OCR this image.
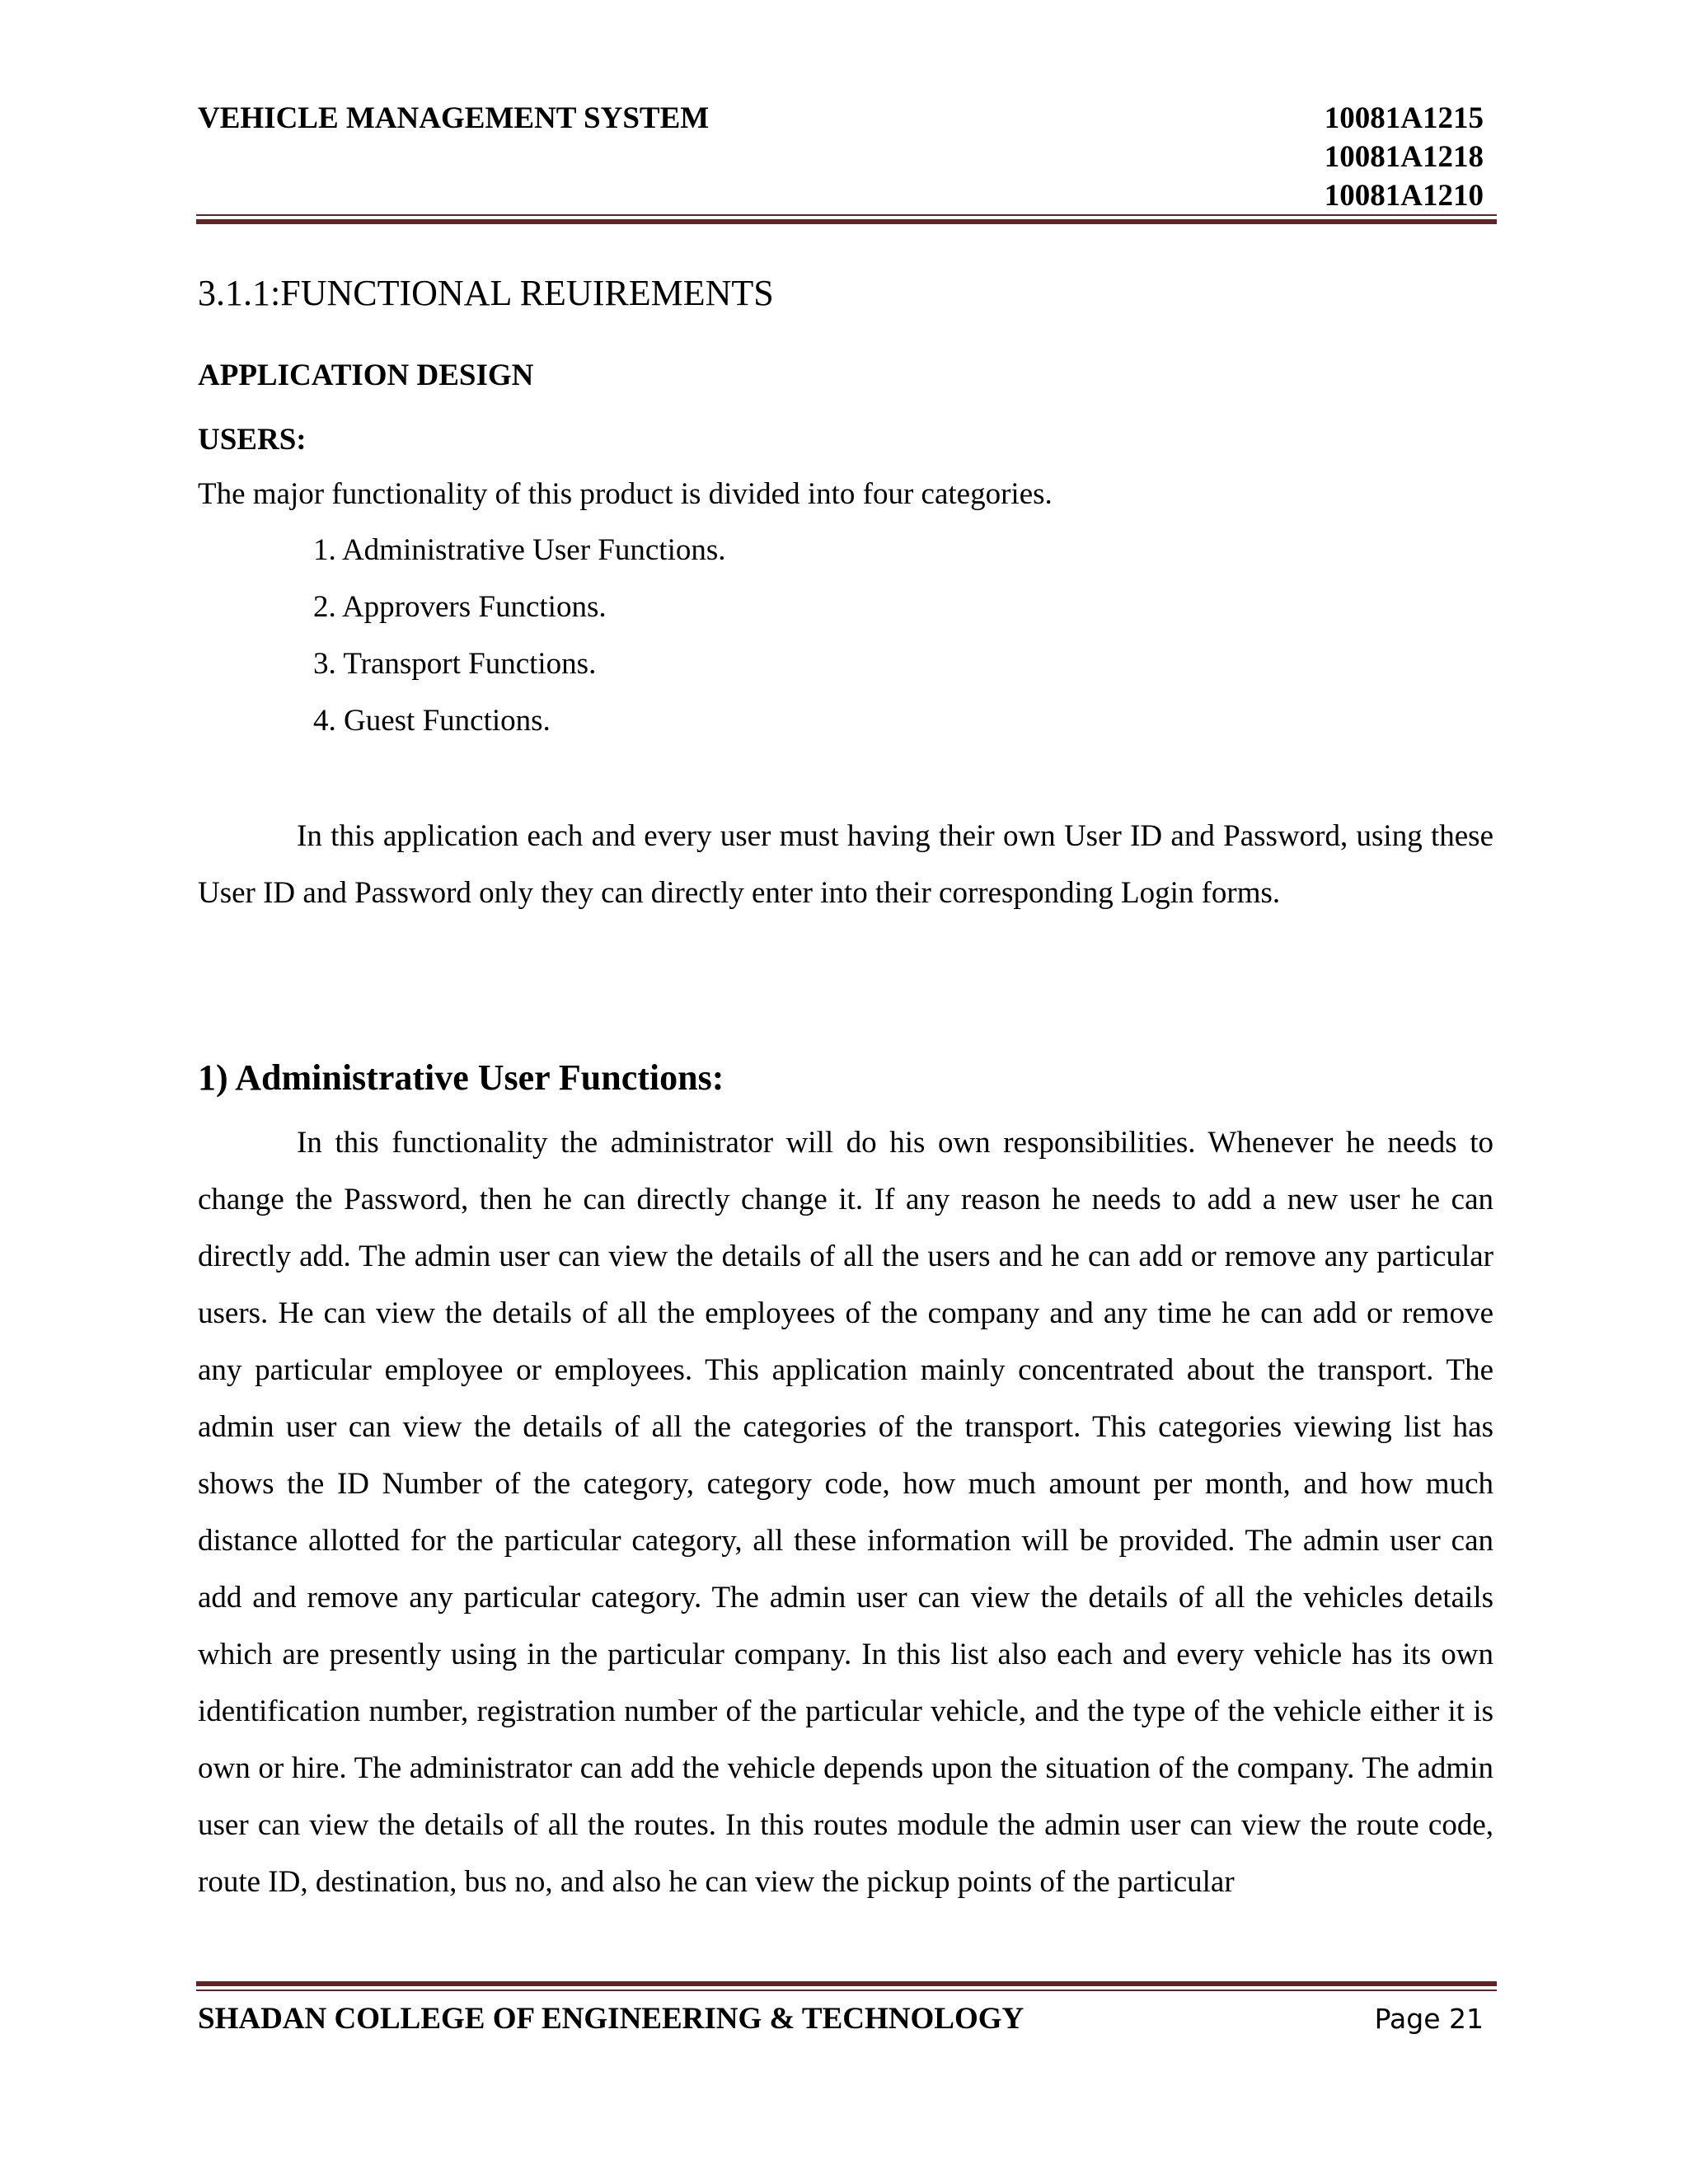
VEHICLE MANAGEMENT SYSTEM	10081A1215
10081A1218
10081A1210
3.1.1:FUNCTIONAL REUIREMENTS
APPLICATION DESIGN
USERS:
The major functionality of this product is divided into four categories.
1. Administrative User Functions.
2. Approvers Functions.
3. Transport Functions.
4. Guest Functions.

In this application each and every user must having their own User ID and Password, using these User ID and Password only they can directly enter into their corresponding Login forms.

1) Administrative User Functions:

In this functionality the administrator will do his own responsibilities. Whenever he needs to change the Password, then he can directly change it. If any reason he needs to add a new user he can directly add. The admin user can view the details of all the users and he can add or remove any particular users. He can view the details of all the employees of the company and any time he can add or remove any particular employee or employees. This application mainly concentrated about the transport. The admin user can view the details of all the categories of the transport. This categories viewing list has shows the ID Number of the category, category code, how much amount per month, and how much distance allotted for the particular category, all these information will be provided. The admin user can add and remove any particular category. The admin user can view the details of all the vehicles details which are presently using in the particular company. In this list also each and every vehicle has its own identification number, registration number of the particular vehicle, and the type of the vehicle either it is own or hire. The administrator can add the vehicle depends upon the situation of the company. The admin user can view the details of all the routes. In this routes module the admin user can view the route code, route ID, destination, bus no, and also he can view the pickup points of the particular

SHADAN COLLEGE OF ENGINEERING & TECHNOLOGY	Page 21
